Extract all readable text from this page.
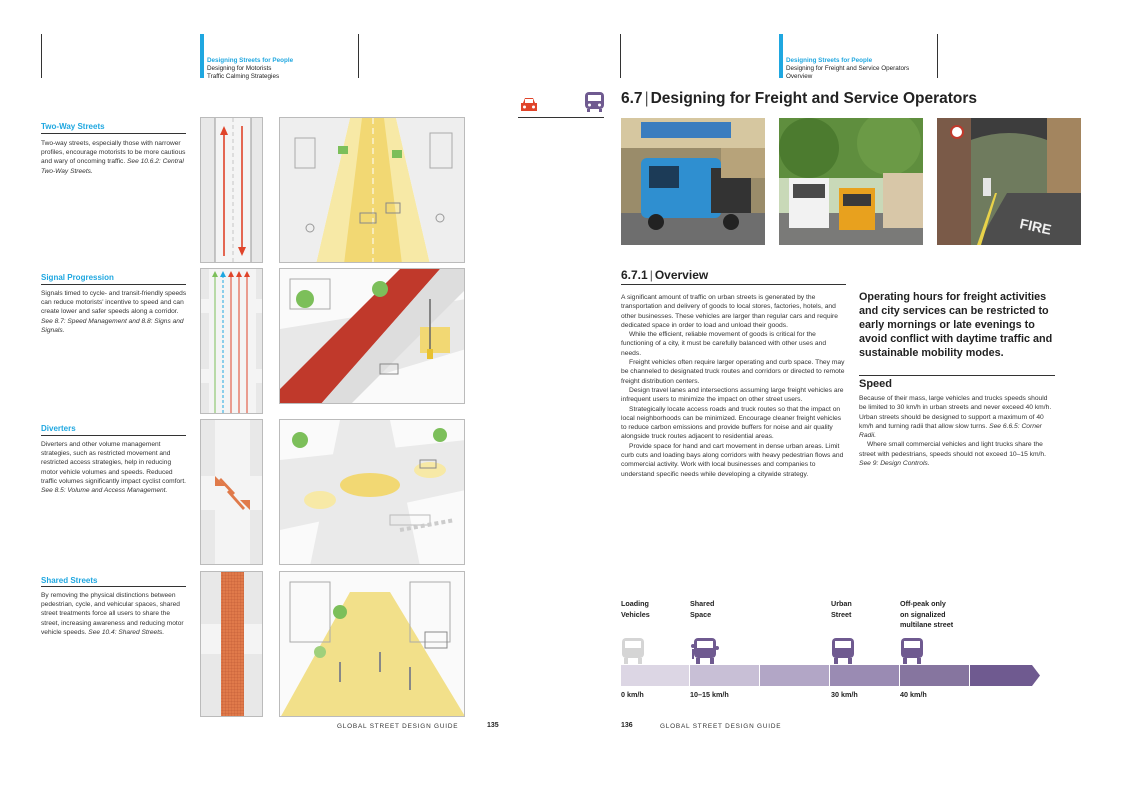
Designing Streets for People
Designing for Motorists
Traffic Calming Strategies
Two-Way Streets
Two-way streets, especially those with narrower profiles, encourage motorists to be more cautious and wary of oncoming traffic. See 10.6.2: Central Two-Way Streets.
Signal Progression
Signals timed to cycle- and transit-friendly speeds can reduce motorists' incentive to speed and can create lower and safer speeds along a corridor. See 8.7: Speed Management and 8.8: Signs and Signals.
Diverters
Diverters and other volume management strategies, such as restricted movement and restricted access strategies, help in reducing motor vehicle volumes and speeds. Reduced traffic volumes significantly impact cyclist comfort. See 8.5: Volume and Access Management.
Shared Streets
By removing the physical distinctions between pedestrian, cycle, and vehicular spaces, shared street treatments force all users to share the street, increasing awareness and reducing motor vehicle speeds. See 10.4: Shared Streets.
GLOBAL STREET DESIGN GUIDE	135
Designing Streets for People
Designing for Freight and Service Operators
Overview
6.7 | Designing for Freight and Service Operators
FIRE
6.7.1 | Overview

A significant amount of traffic on urban streets is generated by the transportation and delivery of goods to local stores, factories, hotels, and other businesses. These vehicles are larger than regular cars and require dedicated space in order to load and unload their goods.

While the efficient, reliable movement of goods is critical for the functioning of a city, it must be carefully balanced with other uses and needs.

Freight vehicles often require larger operating and curb space. They may be channeled to designated truck routes and corridors or directed to remote freight distribution centers.

Design travel lanes and intersections assuming large freight vehicles are infrequent users to minimize the impact on other street users.

Strategically locate access roads and truck routes so that the impact on local neighborhoods can be minimized. Encourage cleaner freight vehicles to reduce carbon emissions and provide buffers for noise and air quality alongside truck routes adjacent to residential areas.

Provide space for hand and cart movement in dense urban areas. Limit curb cuts and loading bays along corridors with heavy pedestrian flows and commercial activity. Work with local businesses and companies to understand specific needs while developing a citywide strategy.

Operating hours for freight activities and city services can be restricted to early mornings or late evenings to avoid conflict with daytime traffic and sustainable mobility modes.
Speed

Because of their mass, large vehicles and trucks speeds should be limited to 30 km/h in urban streets and never exceed 40 km/h. Urban streets should be designed to support a maximum of 40 km/h and turning radii that allow slow turns. See 6.6.5: Corner Radii.

Where small commercial vehicles and light trucks share the street with pedestrians, speeds should not exceed 10–15 km/h. See 9: Design Controls.

Loading
Vehicles
Shared
Space
Urban
Street
Off-peak only
on signalized
multilane street
0 km/h	10–15 km/h	30 km/h	40 km/h
136	GLOBAL STREET DESIGN GUIDE
